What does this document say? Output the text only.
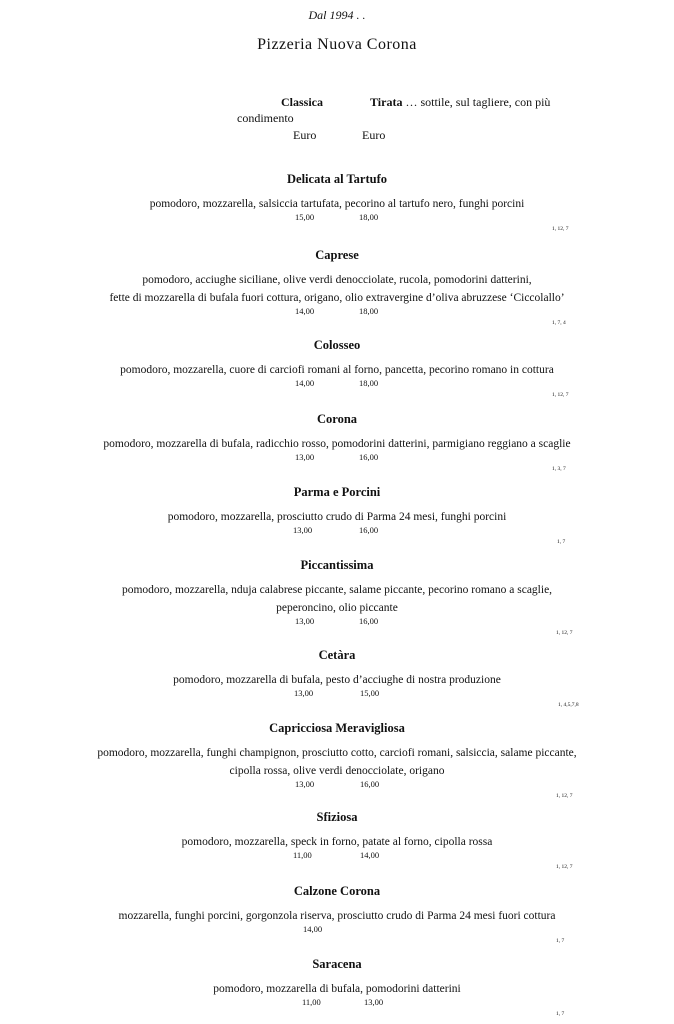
Dal 1994 . .
Pizzeria Nuova Corona
Classica	Tirata … sottile, sul tagliere, con più
condimento
Euro	Euro
Delicata al Tartufo
pomodoro, mozzarella, salsiccia tartufata, pecorino al tartufo nero, funghi porcini
15,00	18,00
1, 12, 7
Caprese
pomodoro, acciughe siciliane, olive verdi denocciolate, rucola, pomodorini datterini,
fette di mozzarella di bufala fuori cottura, origano, olio extravergine d’oliva abruzzese ‘Ciccolallo’
14,00	18,00
1, 7, 4
Colosseo
pomodoro, mozzarella, cuore di carciofi romani al forno, pancetta, pecorino romano in cottura
14,00	18,00
1, 12, 7
Corona
pomodoro, mozzarella di bufala, radicchio rosso, pomodorini datterini, parmigiano reggiano a scaglie
13,00	16,00
1, 3, 7
Parma e Porcini
pomodoro, mozzarella, prosciutto crudo di Parma 24 mesi, funghi porcini
13,00	16,00
1, 7
Piccantissima
pomodoro, mozzarella, nduja calabrese piccante, salame piccante, pecorino romano a scaglie,
peperoncino, olio piccante
13,00	16,00
1, 12, 7
Cetàra
pomodoro, mozzarella di bufala, pesto d’acciughe di nostra produzione
13,00	15,00
1, 4,5,7,8
Capricciosa Meravigliosa
pomodoro, mozzarella, funghi champignon, prosciutto cotto, carciofi romani, salsiccia, salame piccante,
cipolla rossa, olive verdi denocciolate, origano
13,00	16,00
1, 12, 7
Sfiziosa
pomodoro, mozzarella, speck in forno, patate al forno, cipolla rossa
11,00	14,00
1, 12, 7
Calzone Corona
mozzarella, funghi porcini, gorgonzola riserva, prosciutto crudo di Parma 24 mesi fuori cottura
14,00
1, 7
Saracena
pomodoro, mozzarella di bufala, pomodorini datterini
11,00	13,00
1, 7
